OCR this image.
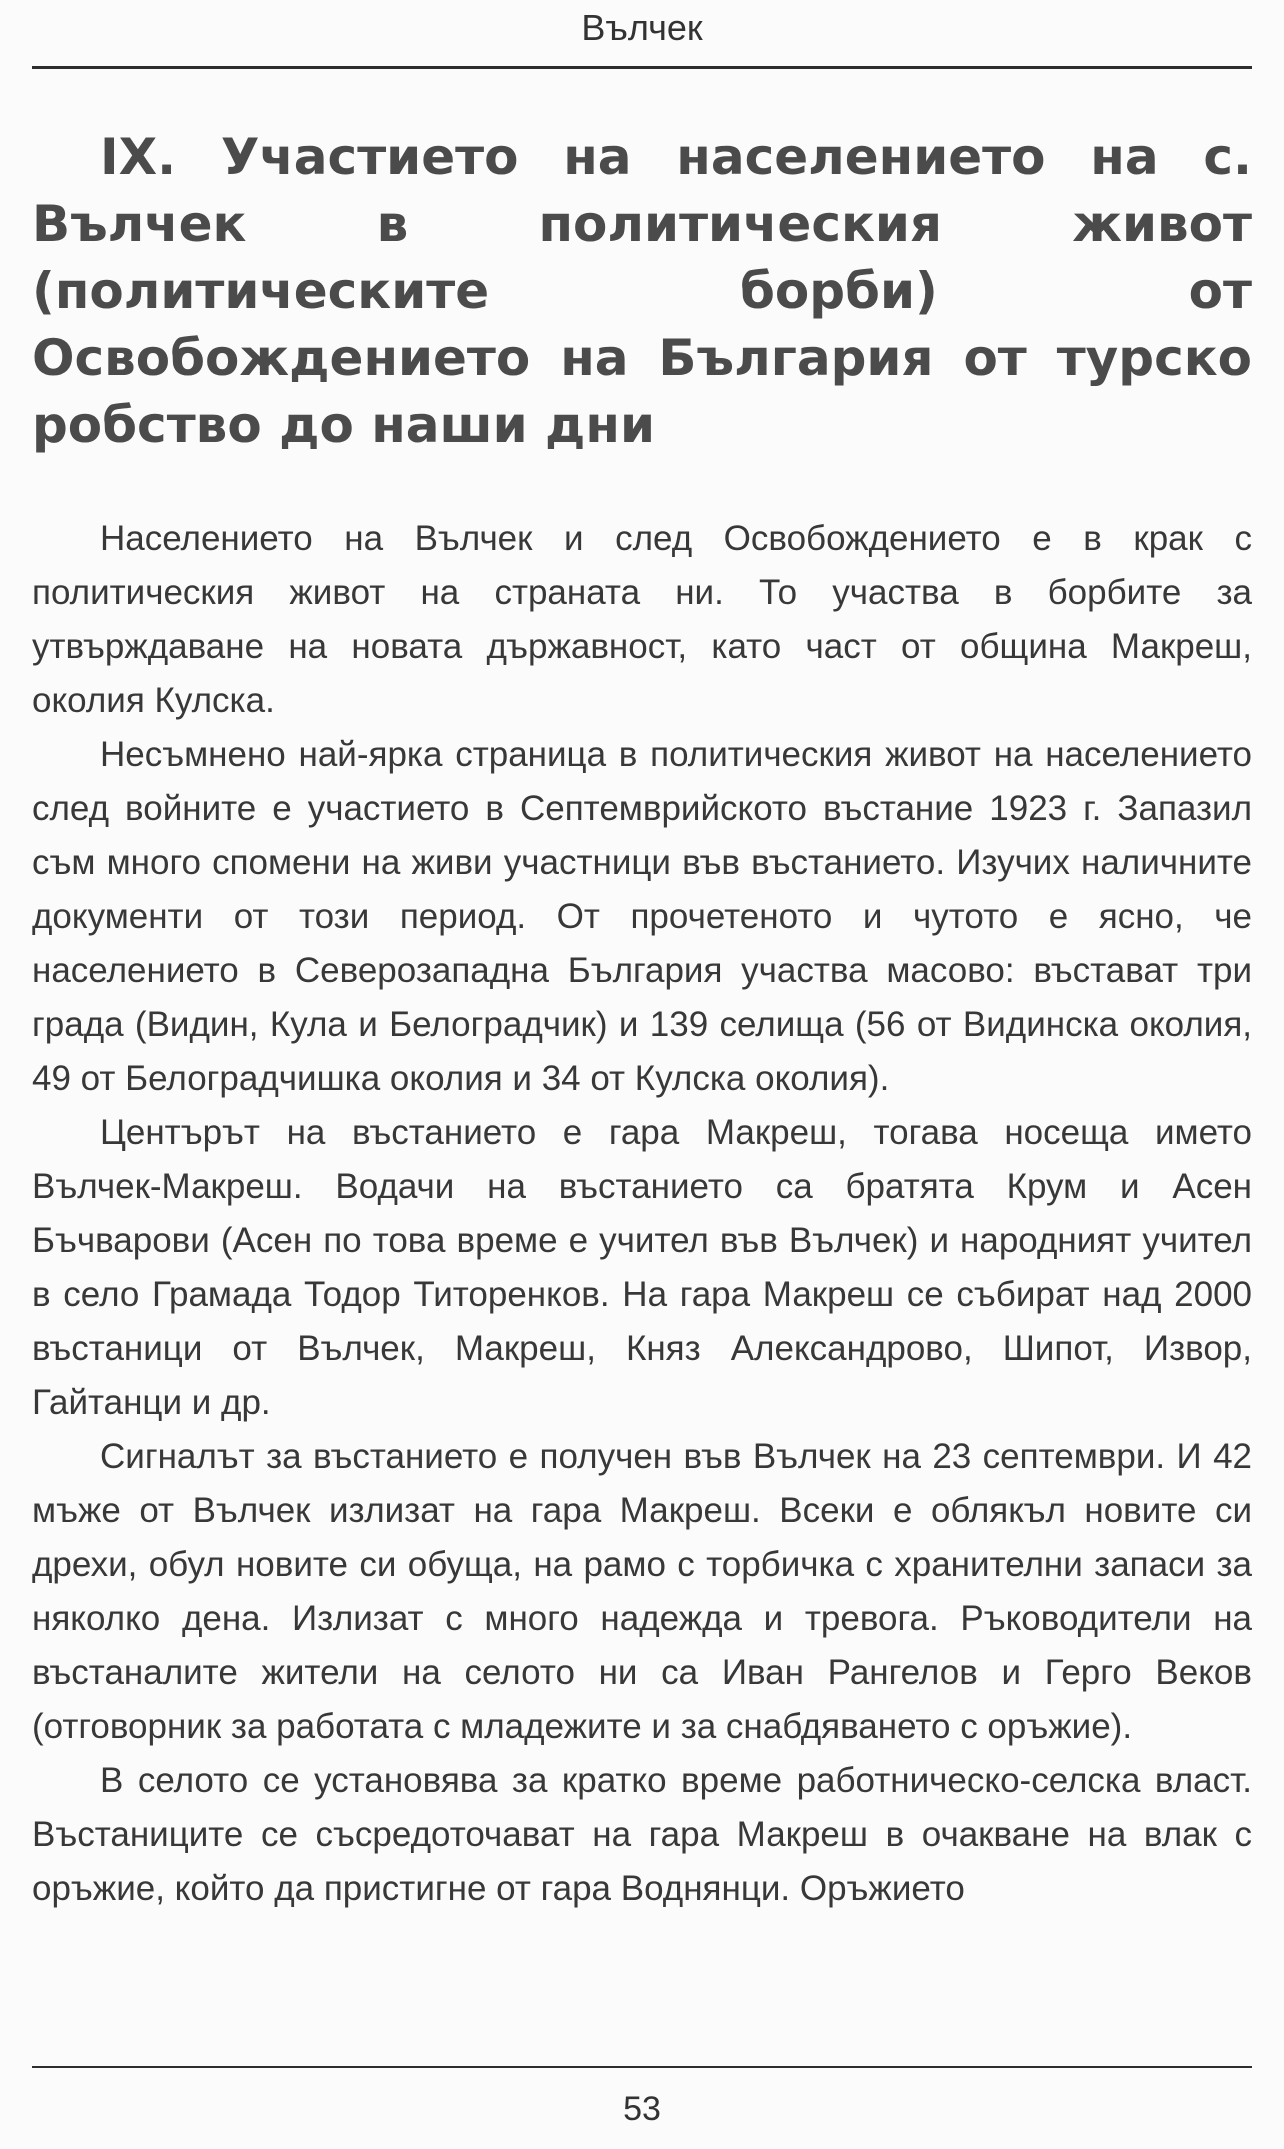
Вълчек
IX. Участието на населението на с. Вълчек в политическия живот (политическите борби) от Освобождението на България от турско робство до наши дни

Населението на Вълчек и след Освобождението е в крак с политическия живот на страната ни. То участва в борбите за утвърждаване на новата държавност, като част от община Макреш, околия Кулска.

Несъмнено най-ярка страница в политическия живот на населението след войните е участието в Септемврийското въстание 1923 г. Запазил съм много спомени на живи участници във въстанието. Изучих наличните документи от този период. От прочетеното и чутото е ясно, че населението в Северозападна България участва масово: въстават три града (Видин, Кула и Белоградчик) и 139 селища (56 от Видинска околия, 49 от Белоградчишка околия и 34 от Кулска околия).

Центърът на въстанието е гара Макреш, тогава носеща името Вълчек-Макреш. Водачи на въстанието са братята Крум и Асен Бъчварови (Асен по това време е учител във Вълчек) и народният учител в село Грамада Тодор Титоренков. На гара Макреш се събират над 2000 въстаници от Вълчек, Макреш, Княз Александрово, Шипот, Извор, Гайтанци и др.

Сигналът за въстанието е получен във Вълчек на 23 септември. И 42 мъже от Вълчек излизат на гара Макреш. Всеки е облякъл новите си дрехи, обул новите си обуща, на рамо с торбичка с хранителни запаси за няколко дена. Излизат с много надежда и тревога. Ръководители на въстаналите жители на селото ни са Иван Рангелов и Герго Веков (отговорник за работата с младежите и за снабдяването с оръжие).

В селото се установява за кратко време работническо-селска власт. Въстаниците се съсредоточават на гара Макреш в очакване на влак с оръжие, който да пристигне от гара Воднянци. Оръжието

53
